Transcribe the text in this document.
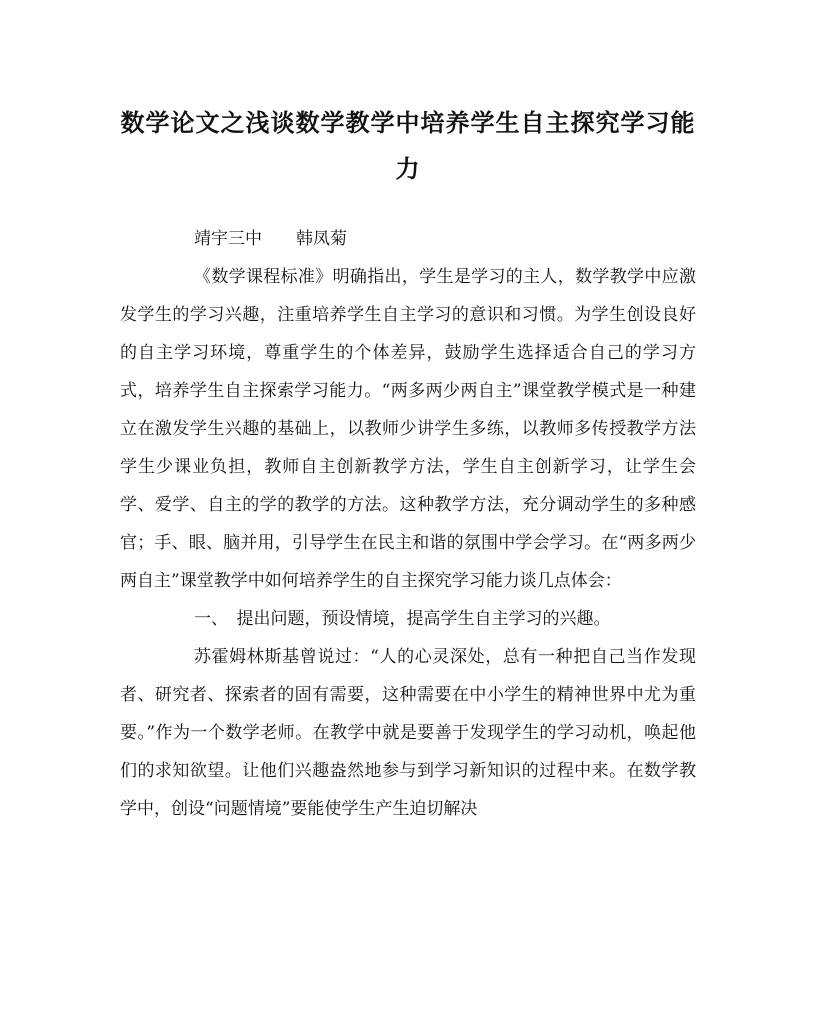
数学论文之浅谈数学教学中培养学生自主探究学习能力

靖宇三中　　韩凤菊

《数学课程标准》明确指出，学生是学习的主人，数学教学中应激发学生的学习兴趣，注重培养学生自主学习的意识和习惯。为学生创设良好的自主学习环境，尊重学生的个体差异，鼓励学生选择适合自己的学习方式，培养学生自主探索学习能力。“两多两少两自主”课堂教学模式是一种建立在激发学生兴趣的基础上，以教师少讲学生多练，以教师多传授教学方法学生少课业负担，教师自主创新教学方法，学生自主创新学习，让学生会学、爱学、自主的学的教学的方法。这种教学方法，充分调动学生的多种感官；手、眼、脑并用，引导学生在民主和谐的氛围中学会学习。在“两多两少两自主”课堂教学中如何培养学生的自主探究学习能力谈几点体会：

一、　提出问题，预设情境，提高学生自主学习的兴趣。

苏霍姆林斯基曾说过：“人的心灵深处，总有一种把自己当作发现者、研究者、探索者的固有需要，这种需要在中小学生的精神世界中尤为重要。”作为一个数学老师。在教学中就是要善于发现学生的学习动机，唤起他们的求知欲望。让他们兴趣盎然地参与到学习新知识的过程中来。在数学教学中，创设“问题情境”要能使学生产生迫切解决
